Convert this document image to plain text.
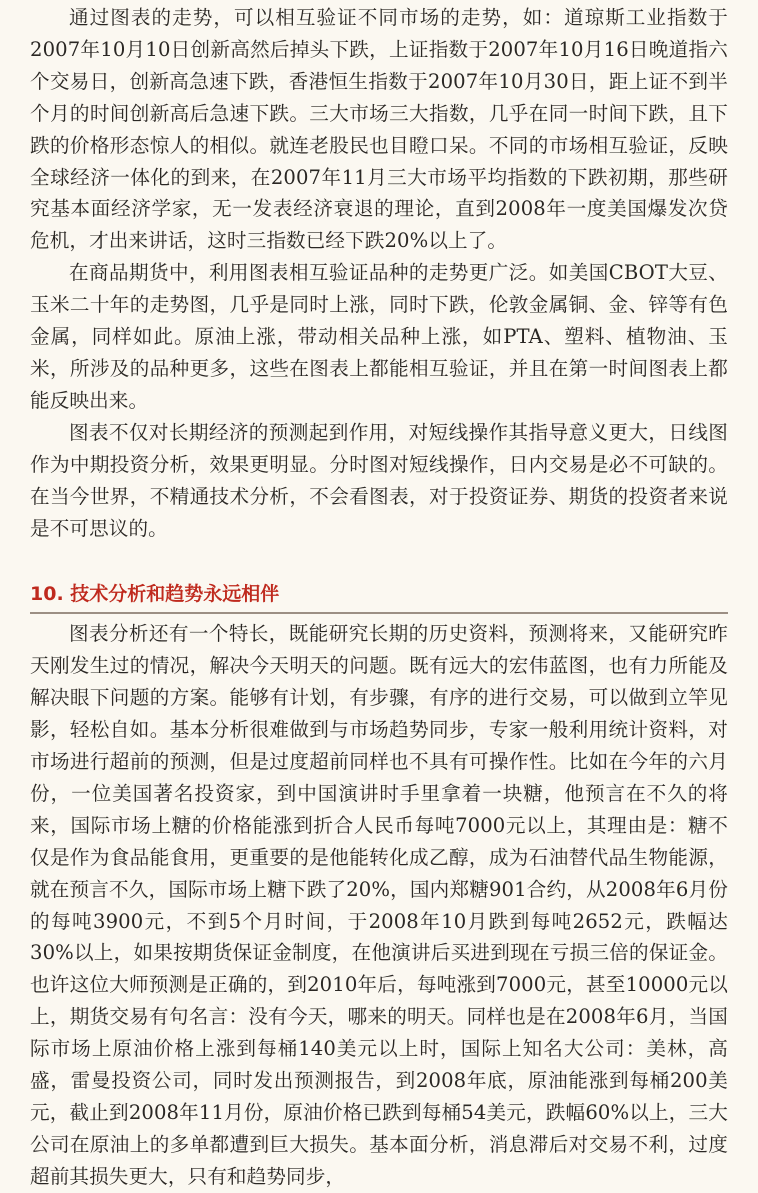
通过图表的走势，可以相互验证不同市场的走势，如：道琼斯工业指数于2007年10月10日创新高然后掉头下跌，上证指数于2007年10月16日晚道指六个交易日，创新高急速下跌，香港恒生指数于2007年10月30日，距上证不到半个月的时间创新高后急速下跌。三大市场三大指数，几乎在同一时间下跌，且下跌的价格形态惊人的相似。就连老股民也目瞪口呆。不同的市场相互验证，反映全球经济一体化的到来，在2007年11月三大市场平均指数的下跌初期，那些研究基本面经济学家，无一发表经济衰退的理论，直到2008年一度美国爆发次贷危机，才出来讲话，这时三指数已经下跌20%以上了。

在商品期货中，利用图表相互验证品种的走势更广泛。如美国CBOT大豆、玉米二十年的走势图，几乎是同时上涨，同时下跌，伦敦金属铜、金、锌等有色金属，同样如此。原油上涨，带动相关品种上涨，如PTA、塑料、植物油、玉米，所涉及的品种更多，这些在图表上都能相互验证，并且在第一时间图表上都能反映出来。

图表不仅对长期经济的预测起到作用，对短线操作其指导意义更大，日线图作为中期投资分析，效果更明显。分时图对短线操作，日内交易是必不可缺的。在当今世界，不精通技术分析，不会看图表，对于投资证券、期货的投资者来说是不可思议的。

10. 技术分析和趋势永远相伴

图表分析还有一个特长，既能研究长期的历史资料，预测将来，又能研究昨天刚发生过的情况，解决今天明天的问题。既有远大的宏伟蓝图，也有力所能及解决眼下问题的方案。能够有计划，有步骤，有序的进行交易，可以做到立竿见影，轻松自如。基本分析很难做到与市场趋势同步，专家一般利用统计资料，对市场进行超前的预测，但是过度超前同样也不具有可操作性。比如在今年的六月份，一位美国著名投资家，到中国演讲时手里拿着一块糖，他预言在不久的将来，国际市场上糖的价格能涨到折合人民币每吨7000元以上，其理由是：糖不仅是作为食品能食用，更重要的是他能转化成乙醇，成为石油替代品生物能源，就在预言不久，国际市场上糖下跌了20%，国内郑糖901合约，从2008年6月份的每吨3900元，不到5个月时间，于2008年10月跌到每吨2652元，跌幅达30%以上，如果按期货保证金制度，在他演讲后买进到现在亏损三倍的保证金。也许这位大师预测是正确的，到2010年后，每吨涨到7000元，甚至10000元以上，期货交易有句名言：没有今天，哪来的明天。同样也是在2008年6月，当国际市场上原油价格上涨到每桶140美元以上时，国际上知名大公司：美林，高盛，雷曼投资公司，同时发出预测报告，到2008年底，原油能涨到每桶200美元，截止到2008年11月份，原油价格已跌到每桶54美元，跌幅60%以上，三大公司在原油上的多单都遭到巨大损失。基本面分析，消息滞后对交易不利，过度超前其损失更大，只有和趋势同步，
